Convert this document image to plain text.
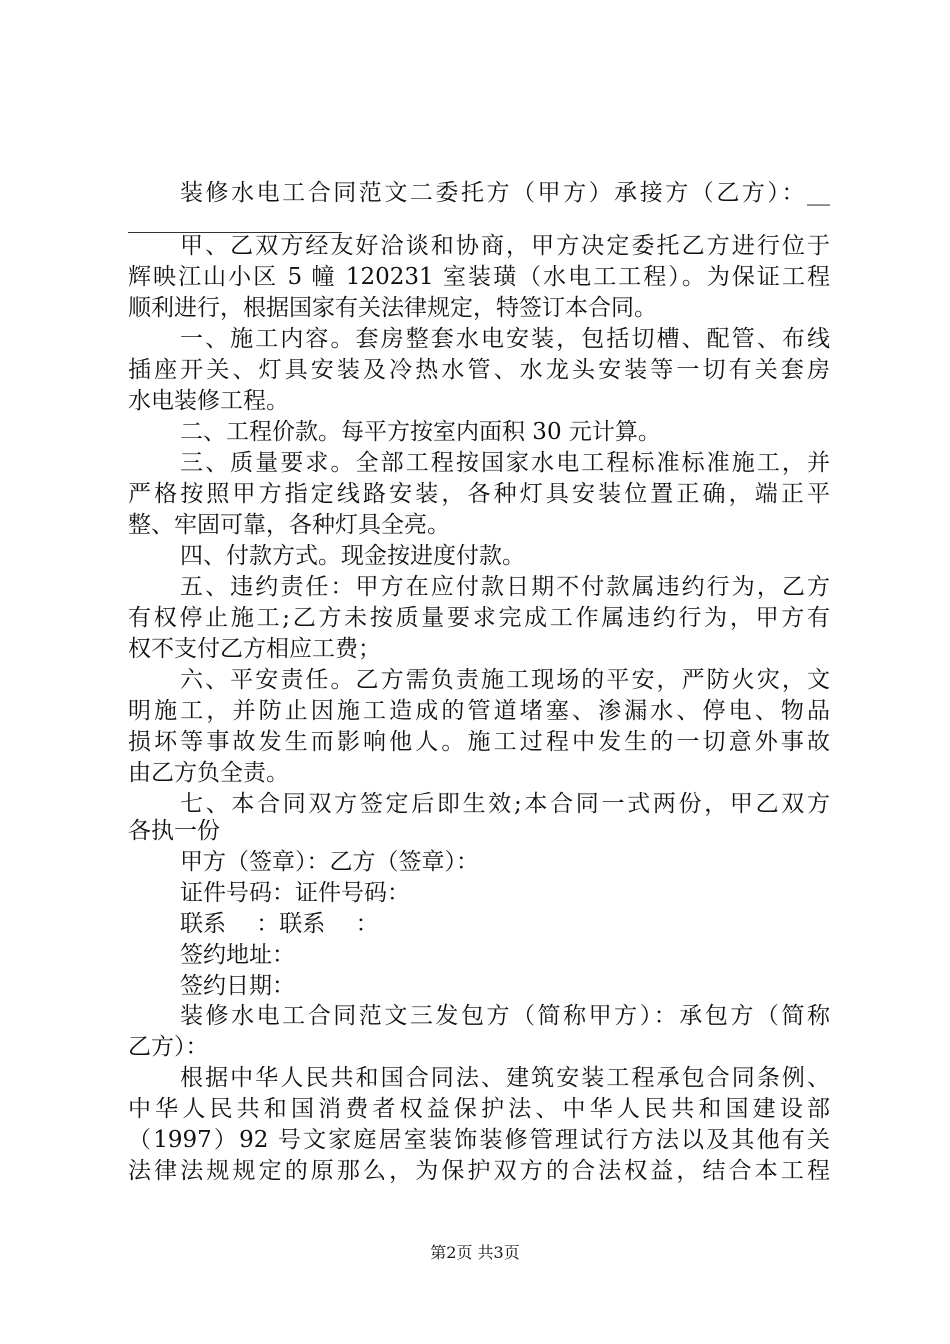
装修水电工合同范文二委托方（甲方）承接方（乙方）：__
甲、乙双方经友好洽谈和协商，甲方决定委托乙方进行位于
辉映江山小区 5 幢 120231 室装璜（水电工工程）。为保证工程
顺利进行，根据国家有关法律规定，特签订本合同。
一、施工内容。套房整套水电安装，包括切槽、配管、布线
插座开关、灯具安装及冷热水管、水龙头安装等一切有关套房
水电装修工程。
二、工程价款。每平方按室内面积 30 元计算。
三、质量要求。全部工程按国家水电工程标准标准施工，并
严格按照甲方指定线路安装，各种灯具安装位置正确，端正平
整、牢固可靠，各种灯具全亮。
四、付款方式。现金按进度付款。
五、违约责任：甲方在应付款日期不付款属违约行为，乙方
有权停止施工;乙方未按质量要求完成工作属违约行为，甲方有
权不支付乙方相应工费；
六、平安责任。乙方需负责施工现场的平安，严防火灾，文
明施工，并防止因施工造成的管道堵塞、渗漏水、停电、物品
损坏等事故发生而影响他人。施工过程中发生的一切意外事故
由乙方负全责。
七、本合同双方签定后即生效;本合同一式两份，甲乙双方
各执一份
甲方（签章）：乙方（签章）：
证件号码：证件号码：
联系　 ：联系　 ：
签约地址：
签约日期：
装修水电工合同范文三发包方（简称甲方）：承包方（简称
乙方）：
根据中华人民共和国合同法、建筑安装工程承包合同条例、
中华人民共和国消费者权益保护法、中华人民共和国建设部
（1997）92 号文家庭居室装饰装修管理试行方法以及其他有关
法律法规规定的原那么，为保护双方的合法权益，结合本工程
第2页 共3页
